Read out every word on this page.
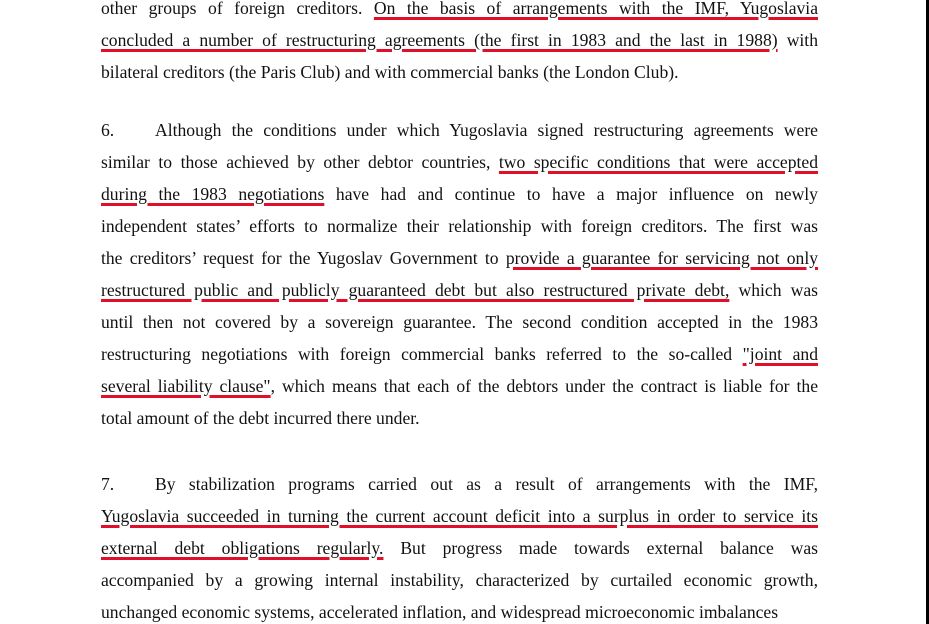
other groups of foreign creditors. On the basis of arrangements with the IMF, Yugoslavia
concluded a number of restructuring agreements (the first in 1983 and the last in 1988) with
bilateral creditors (the Paris Club) and with commercial banks (the London Club).
6. Although the conditions under which Yugoslavia signed restructuring agreements were
similar to those achieved by other debtor countries, two specific conditions that were accepted
during the 1983 negotiations have had and continue to have a major influence on newly
independent states’ efforts to normalize their relationship with foreign creditors. The first was
the creditors’ request for the Yugoslav Government to provide a guarantee for servicing not only
restructured public and publicly guaranteed debt but also restructured private debt, which was
until then not covered by a sovereign guarantee. The second condition accepted in the 1983
restructuring negotiations with foreign commercial banks referred to the so-called "joint and
several liability clause", which means that each of the debtors under the contract is liable for the
total amount of the debt incurred there under.
7. By stabilization programs carried out as a result of arrangements with the IMF,
Yugoslavia succeeded in turning the current account deficit into a surplus in order to service its
external debt obligations regularly. But progress made towards external balance was
accompanied by a growing internal instability, characterized by curtailed economic growth,
unchanged economic systems, accelerated inflation, and widespread microeconomic imbalances
